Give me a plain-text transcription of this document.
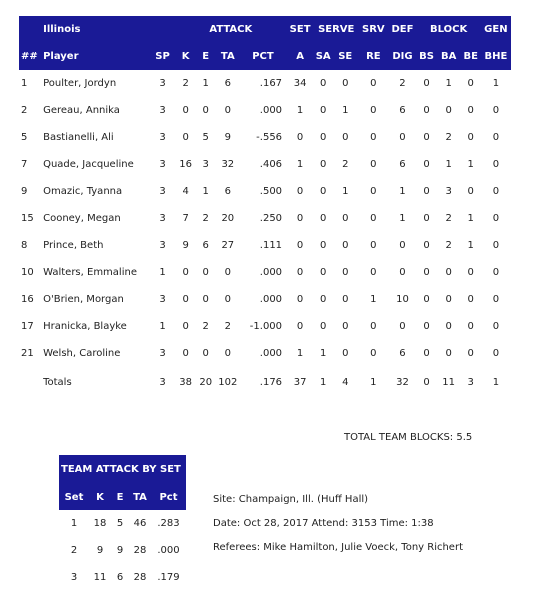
	Illinois		ATTACK				SET	SERVE		SRV	DEF	BLOCK			GEN
##	Player	SP	K	E	TA	PCT	A	SA	SE	RE	DIG	BS	BA	BE	BHE
1	Poulter, Jordyn	3	2	1	6	.167	34	0	0	0	2	0	1	0	1
2	Gereau, Annika	3	0	0	0	.000	1	0	1	0	6	0	0	0	0
5	Bastianelli, Ali	3	0	5	9	-.556	0	0	0	0	0	0	2	0	0
7	Quade, Jacqueline	3	16	3	32	.406	1	0	2	0	6	0	1	1	0
9	Omazic, Tyanna	3	4	1	6	.500	0	0	1	0	1	0	3	0	0
15	Cooney, Megan	3	7	2	20	.250	0	0	0	0	1	0	2	1	0
8	Prince, Beth	3	9	6	27	.111	0	0	0	0	0	0	2	1	0
10	Walters, Emmaline	1	0	0	0	.000	0	0	0	0	0	0	0	0	0
16	O'Brien, Morgan	3	0	0	0	.000	0	0	0	1	10	0	0	0	0
17	Hranicka, Blayke	1	0	2	2	-1.000	0	0	0	0	0	0	0	0	0
21	Welsh, Caroline	3	0	0	0	.000	1	1	0	0	6	0	0	0	0
	Totals	3	38	20	102	.176	37	1	4	1	32	0	11	3	1
TOTAL TEAM BLOCKS: 5.5
TEAM ATTACK BY SET				
Set	K	E	TA	Pct
1	18	5	46	.283
2	9	9	28	.000
3	11	6	28	.179
Site: Champaign, Ill. (Huff Hall)
Date: Oct 28, 2017 Attend: 3153 Time: 1:38
Referees: Mike Hamilton, Julie Voeck, Tony Richert
